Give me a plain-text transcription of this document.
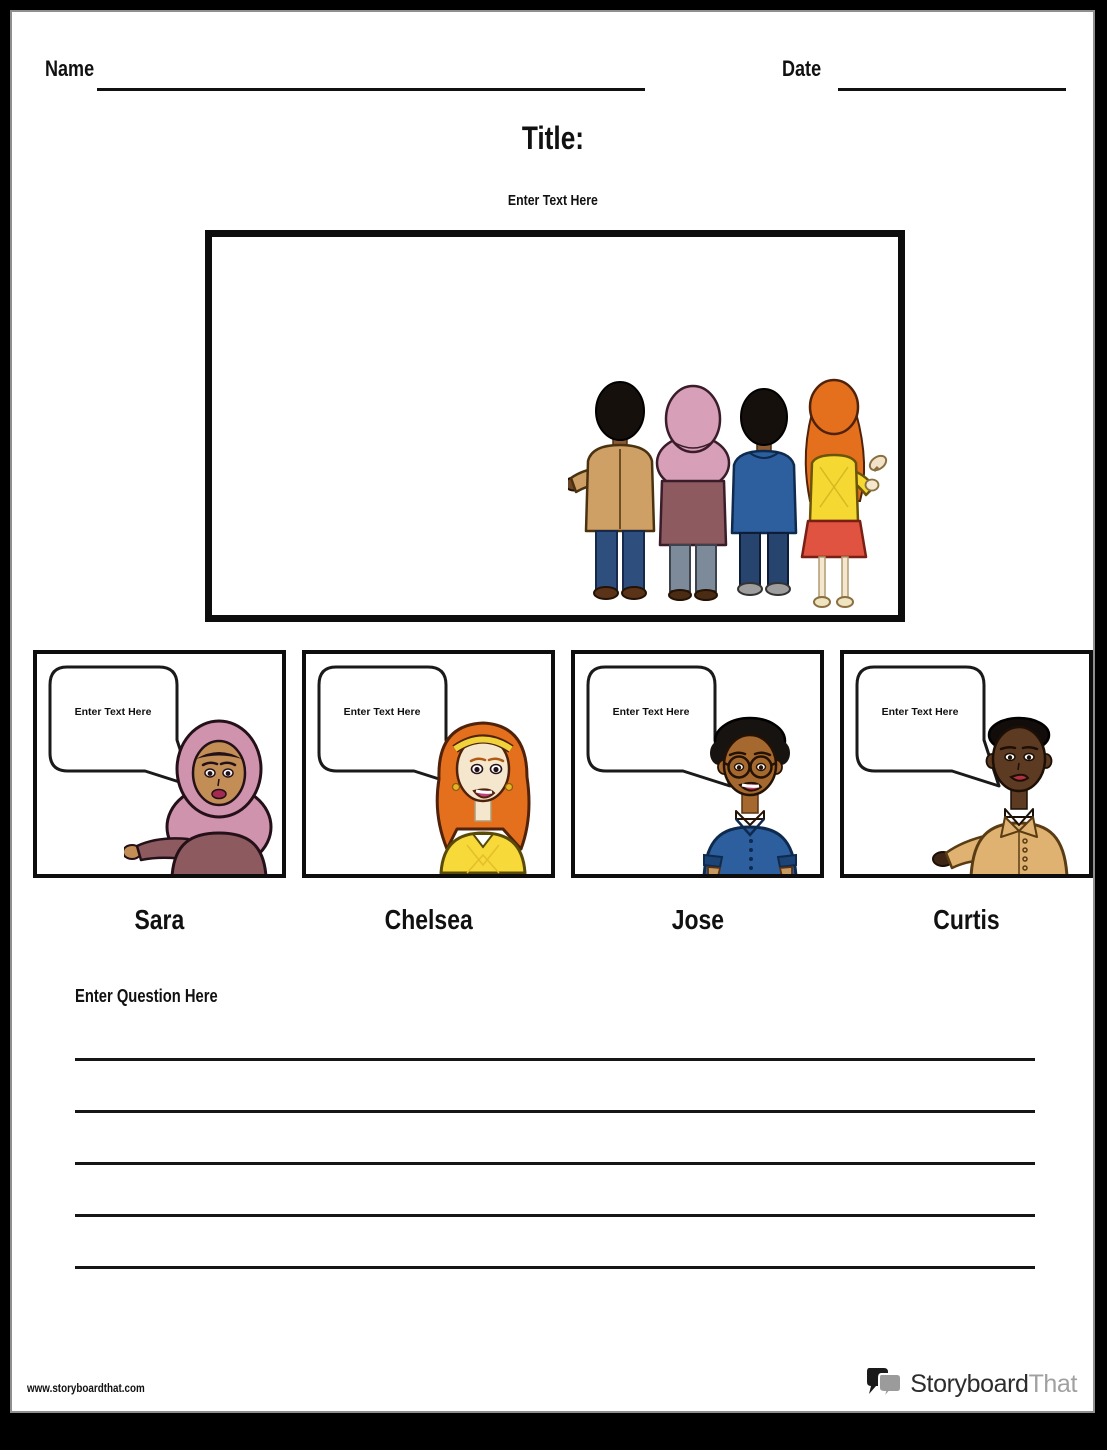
Name	Date
Title:
Enter Text Here
Enter Text Here	Enter Text Here	Enter Text Here	Enter Text Here
Sara	Chelsea	Jose	Curtis
Enter Question Here
www.storyboardthat.com	StoryboardThat
